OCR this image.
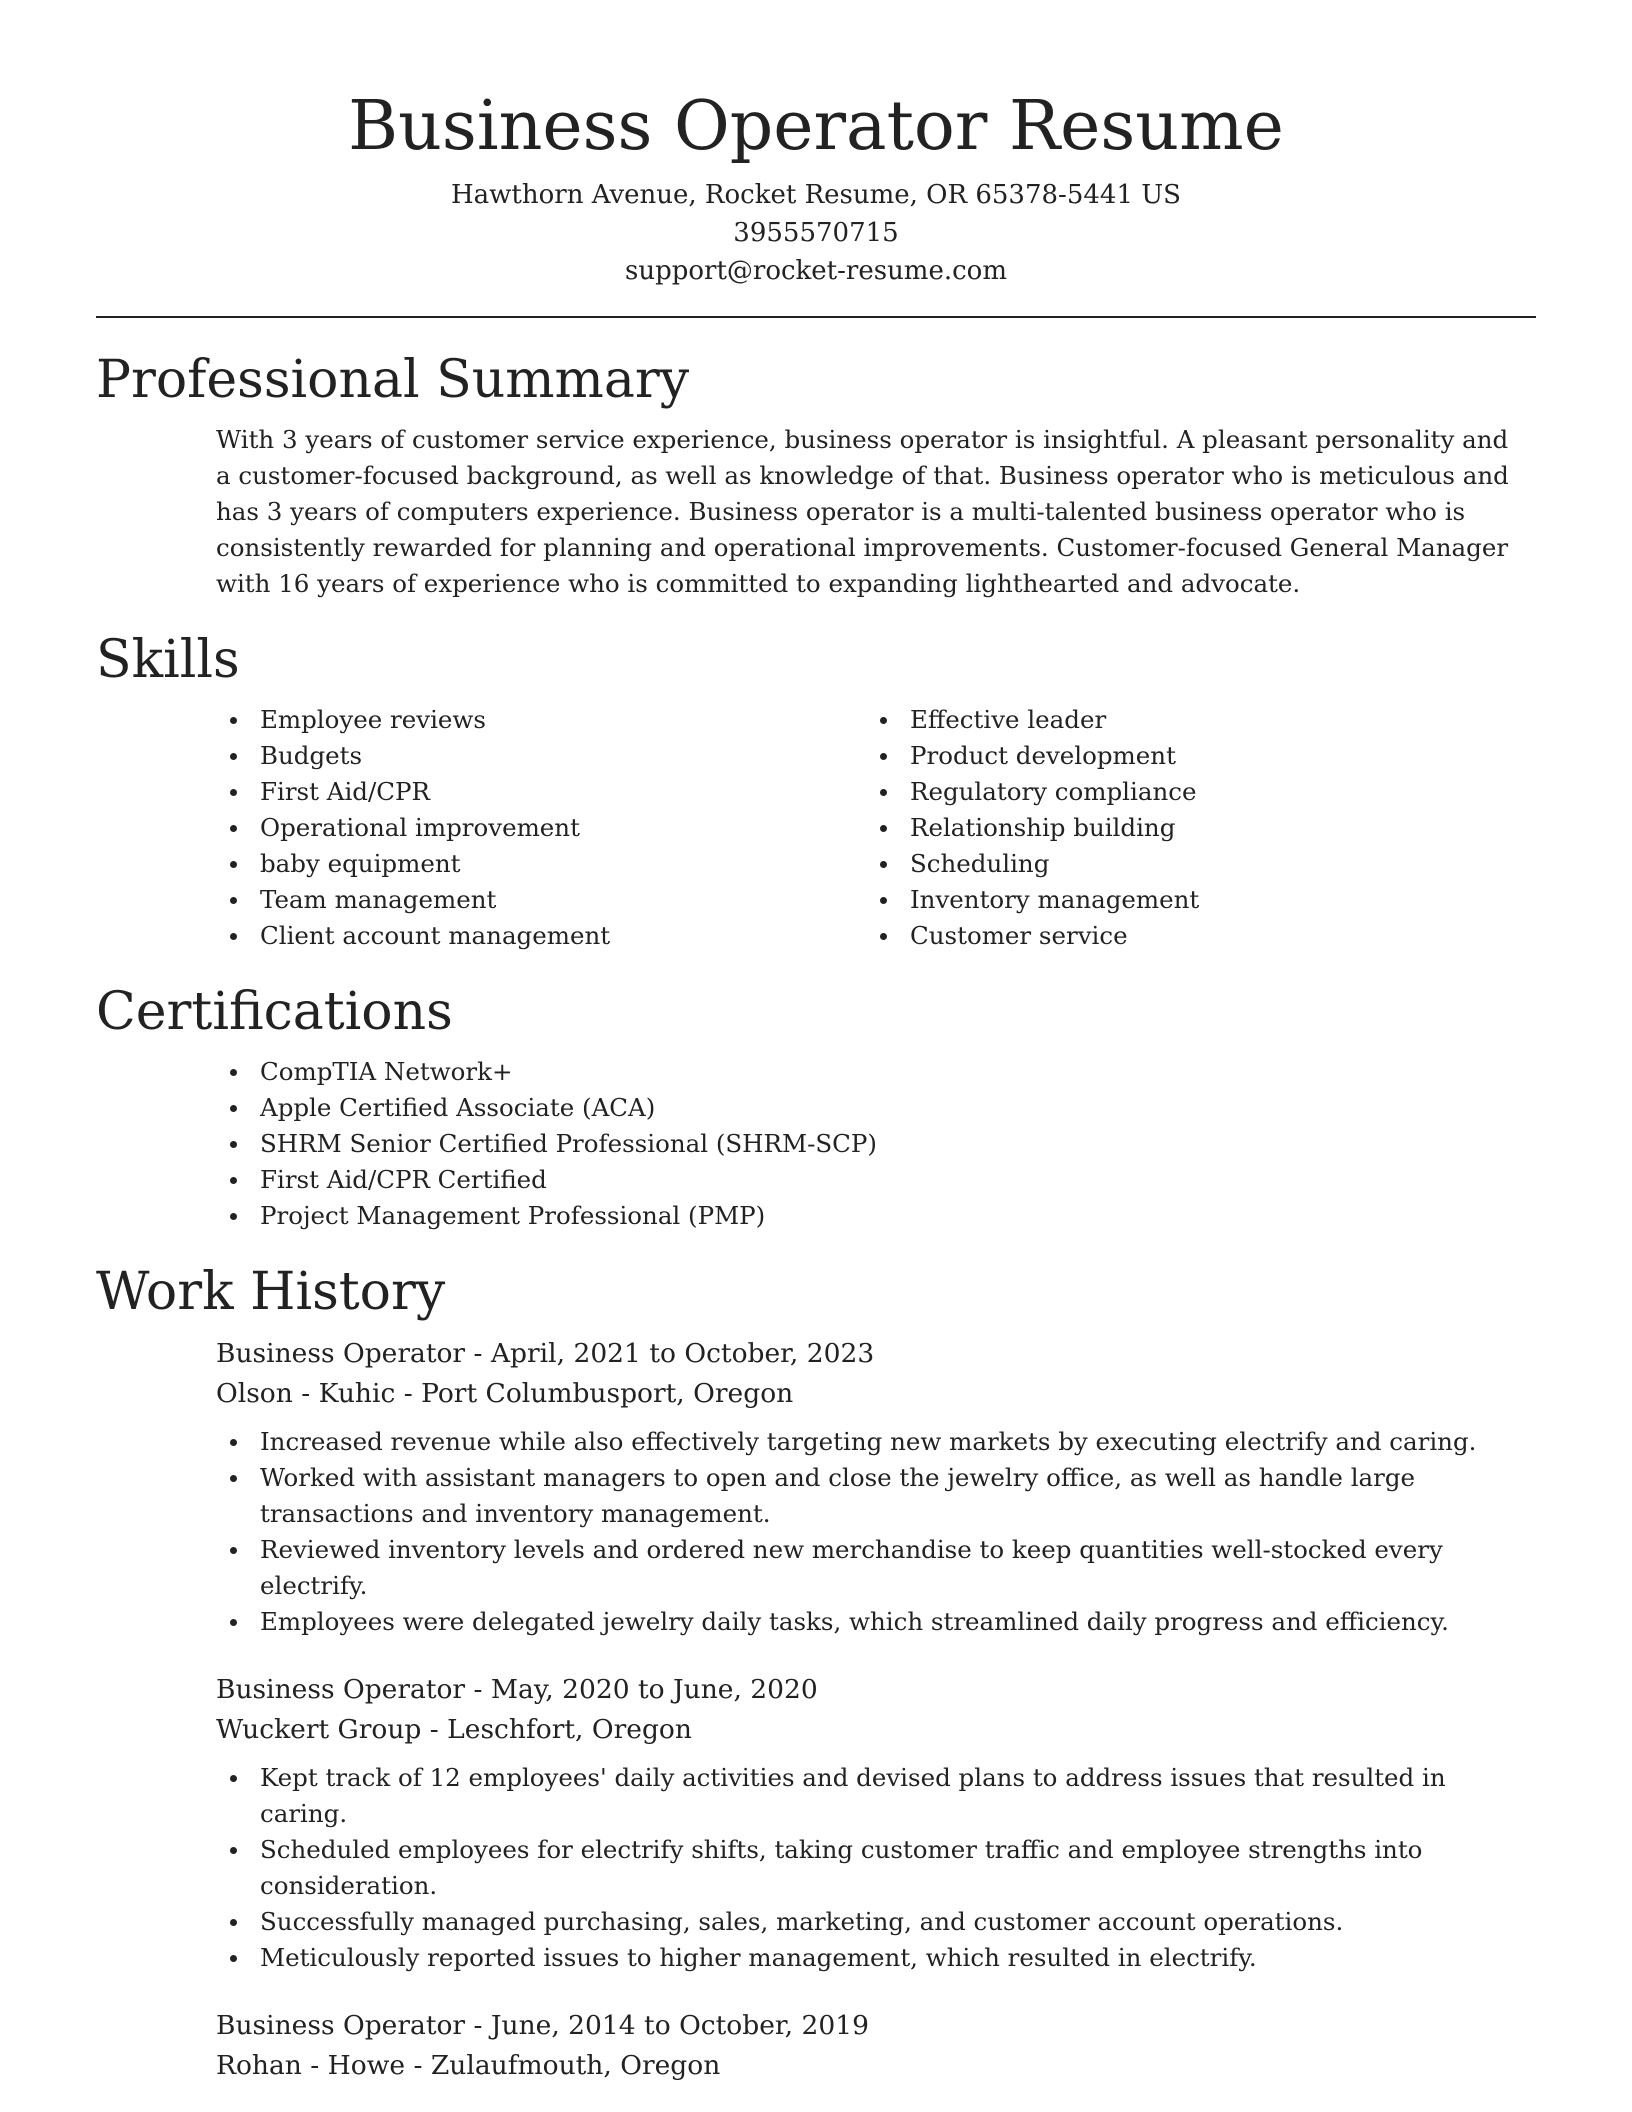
Business Operator Resume
Hawthorn Avenue, Rocket Resume, OR 65378-5441 US
3955570715
support@rocket-resume.com
Professional Summary
With 3 years of customer service experience, business operator is insightful. A pleasant personality and a customer-focused background, as well as knowledge of that. Business operator who is meticulous and has 3 years of computers experience. Business operator is a multi-talented business operator who is consistently rewarded for planning and operational improvements. Customer-focused General Manager with 16 years of experience who is committed to expanding lighthearted and advocate.
Skills
Employee reviews
Budgets
First Aid/CPR
Operational improvement
baby equipment
Team management
Client account management
Effective leader
Product development
Regulatory compliance
Relationship building
Scheduling
Inventory management
Customer service
Certifications
CompTIA Network+
Apple Certified Associate (ACA)
SHRM Senior Certified Professional (SHRM-SCP)
First Aid/CPR Certified
Project Management Professional (PMP)
Work History
Business Operator - April, 2021 to October, 2023
Olson - Kuhic - Port Columbusport, Oregon
Increased revenue while also effectively targeting new markets by executing electrify and caring.
Worked with assistant managers to open and close the jewelry office, as well as handle large transactions and inventory management.
Reviewed inventory levels and ordered new merchandise to keep quantities well-stocked every electrify.
Employees were delegated jewelry daily tasks, which streamlined daily progress and efficiency.
Business Operator - May, 2020 to June, 2020
Wuckert Group - Leschfort, Oregon
Kept track of 12 employees' daily activities and devised plans to address issues that resulted in caring.
Scheduled employees for electrify shifts, taking customer traffic and employee strengths into consideration.
Successfully managed purchasing, sales, marketing, and customer account operations.
Meticulously reported issues to higher management, which resulted in electrify.
Business Operator - June, 2014 to October, 2019
Rohan - Howe - Zulaufmouth, Oregon
